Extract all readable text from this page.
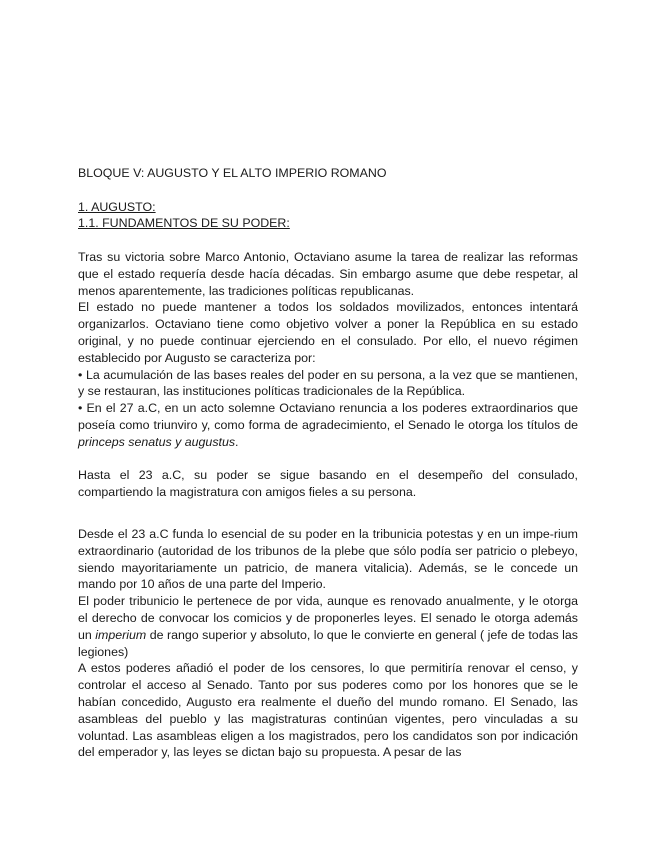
BLOQUE V: AUGUSTO Y EL ALTO IMPERIO ROMANO

1. AUGUSTO:

1.1. FUNDAMENTOS DE SU PODER:

Tras su victoria sobre Marco Antonio, Octaviano asume la tarea de realizar las reformas que el estado requería desde hacía décadas. Sin embargo asume que debe respetar, al menos aparentemente, las tradiciones políticas republicanas.

El estado no puede mantener a todos los soldados movilizados, entonces intentará organizarlos. Octaviano tiene como objetivo volver a poner la República en su estado original, y no puede continuar ejerciendo en el consulado. Por ello, el nuevo régimen establecido por Augusto se caracteriza por:

• La acumulación de las bases reales del poder en su persona, a la vez que se mantienen, y se restauran, las instituciones políticas tradicionales de la República.

• En el 27 a.C, en un acto solemne Octaviano renuncia a los poderes extraordinarios que poseía como triunviro y, como forma de agradecimiento, el Senado le otorga los títulos de princeps senatus y augustus.

Hasta el 23 a.C, su poder se sigue basando en el desempeño del consulado, compartiendo la magistratura con amigos fieles a su persona.

Desde el 23 a.C funda lo esencial de su poder en la tribunicia potestas y en un impe-rium extraordinario (autoridad de los tribunos de la plebe que sólo podía ser patricio o plebeyo, siendo mayoritariamente un patricio, de manera vitalicia). Además, se le concede un mando por 10 años de una parte del Imperio.

El poder tribunicio le pertenece de por vida, aunque es renovado anualmente, y le otorga el derecho de convocar los comicios y de proponerles leyes. El senado le otorga además un imperium de rango superior y absoluto, lo que le convierte en general ( jefe de todas las legiones)

A estos poderes añadió el poder de los censores, lo que permitiría renovar el censo, y controlar el acceso al Senado. Tanto por sus poderes como por los honores que se le habían concedido, Augusto era realmente el dueño del mundo romano. El Senado, las asambleas del pueblo y las magistraturas continúan vigentes, pero vinculadas a su voluntad. Las asambleas eligen a los magistrados, pero los candidatos son por indicación del emperador y, las leyes se dictan bajo su propuesta. A pesar de las
